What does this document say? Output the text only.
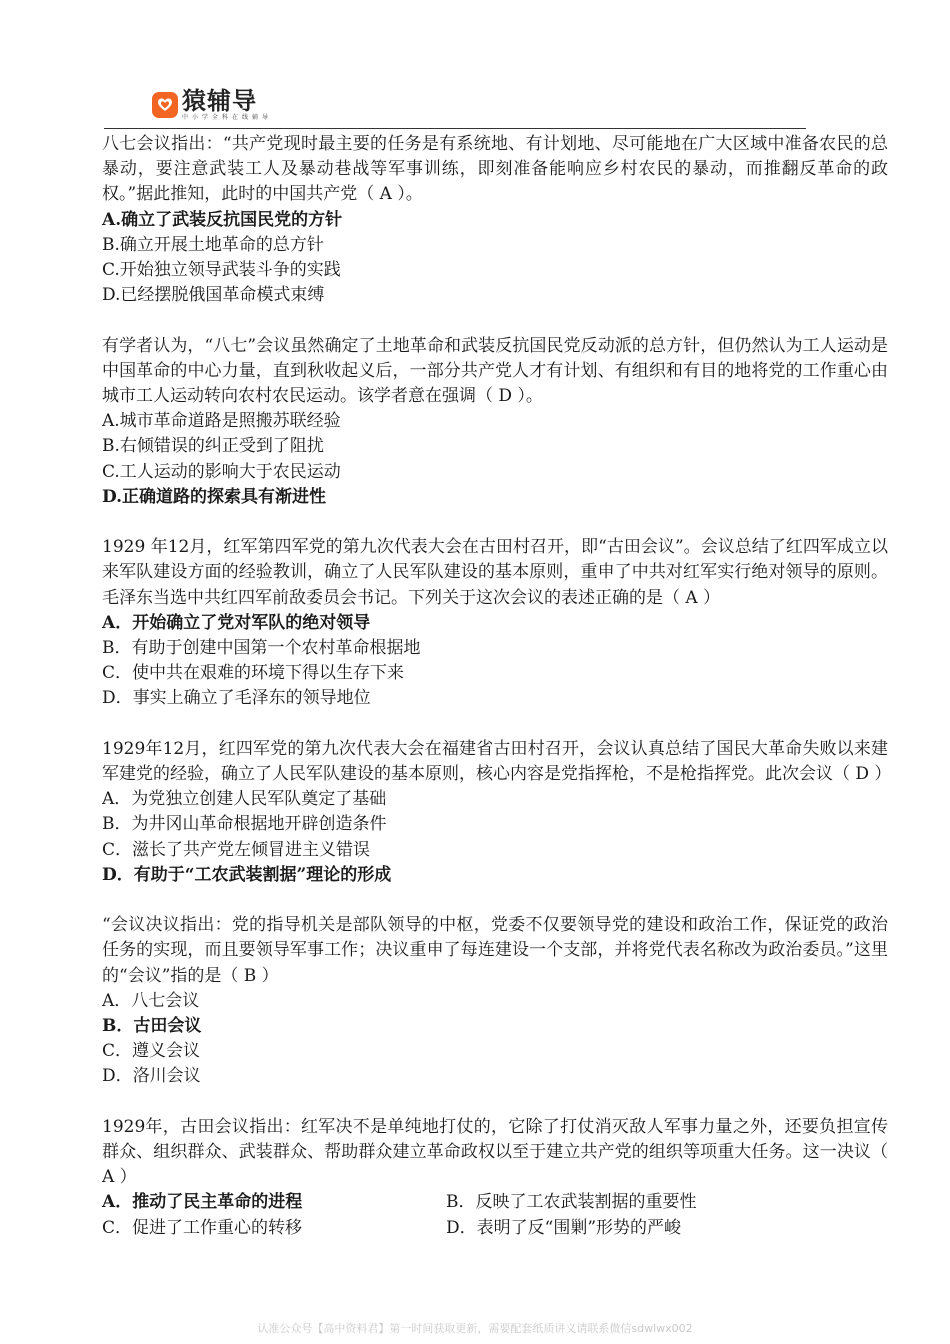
猿辅导
中小学全科在线辅导

八七会议指出：“共产党现时最主要的任务是有系统地、有计划地、尽可能地在广大区域中准备农民的总暴动，要注意武装工人及暴动巷战等军事训练，即刻准备能响应乡村农民的暴动，而推翻反革命的政权。”据此推知，此时的中国共产党（ A ）。

A.确立了武装反抗国民党的方针

B.确立开展土地革命的总方针

C.开始独立领导武装斗争的实践

D.已经摆脱俄国革命模式束缚

有学者认为，“八七”会议虽然确定了土地革命和武装反抗国民党反动派的总方针，但仍然认为工人运动是中国革命的中心力量，直到秋收起义后，一部分共产党人才有计划、有组织和有目的地将党的工作重心由城市工人运动转向农村农民运动。该学者意在强调（ D ）。

A.城市革命道路是照搬苏联经验

B.右倾错误的纠正受到了阻扰

C.工人运动的影响大于农民运动

D.正确道路的探索具有渐进性

1929 年12月，红军第四军党的第九次代表大会在古田村召开，即“古田会议”。会议总结了红四军成立以来军队建设方面的经验教训，确立了人民军队建设的基本原则，重申了中共对红军实行绝对领导的原则。毛泽东当选中共红四军前敌委员会书记。下列关于这次会议的表述正确的是（ A ）

A．开始确立了党对军队的绝对领导

B．有助于创建中国第一个农村革命根据地

C．使中共在艰难的环境下得以生存下来

D．事实上确立了毛泽东的领导地位

1929年12月，红四军党的第九次代表大会在福建省古田村召开，会议认真总结了国民大革命失败以来建军建党的经验，确立了人民军队建设的基本原则，核心内容是党指挥枪，不是枪指挥党。此次会议（ D ）

A．为党独立创建人民军队奠定了基础

B．为井冈山革命根据地开辟创造条件

C．滋长了共产党左倾冒进主义错误

D．有助于“工农武装割据”理论的形成

“会议决议指出：党的指导机关是部队领导的中枢，党委不仅要领导党的建设和政治工作，保证党的政治任务的实现，而且要领导军事工作；决议重申了每连建设一个支部，并将党代表名称改为政治委员。”这里的“会议”指的是（ B ）

A．八七会议

B．古田会议

C．遵义会议

D．洛川会议

1929年，古田会议指出：红军决不是单纯地打仗的，它除了打仗消灭敌人军事力量之外，还要负担宣传群众、组织群众、武装群众、帮助群众建立革命政权以至于建立共产党的组织等项重大任务。这一决议（ A ）

A．推动了民主革命的进程	B．反映了工农武装割据的重要性

C．促进了工作重心的转移	D．表明了反“围剿”形势的严峻

认准公众号【高中资料君】第一时间获取更新，需要配套纸质讲义请联系微信sdwlwx002
